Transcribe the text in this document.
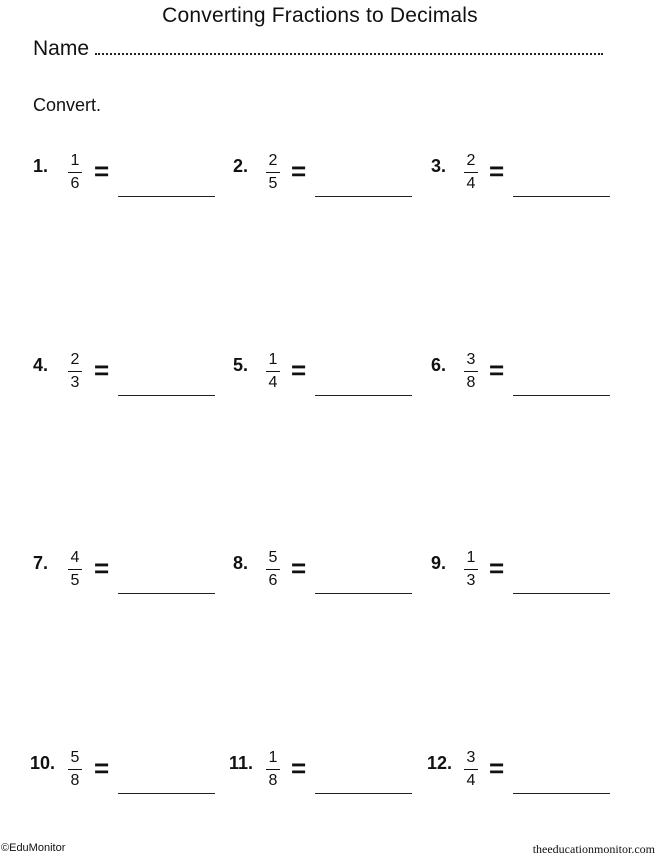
Converting Fractions to Decimals
Name
Convert.
1. 1
6 =	2. 2
5 =	3. 2
4 =
4. 2
3 =	5. 1
4 =	6. 3
8 =
7. 4
5 =	8. 5
6 =	9. 1
3 =
10. 5
8 =	11. 1
8 =	12. 3
4 =
©EduMonitor	theeducationmonitor.com
